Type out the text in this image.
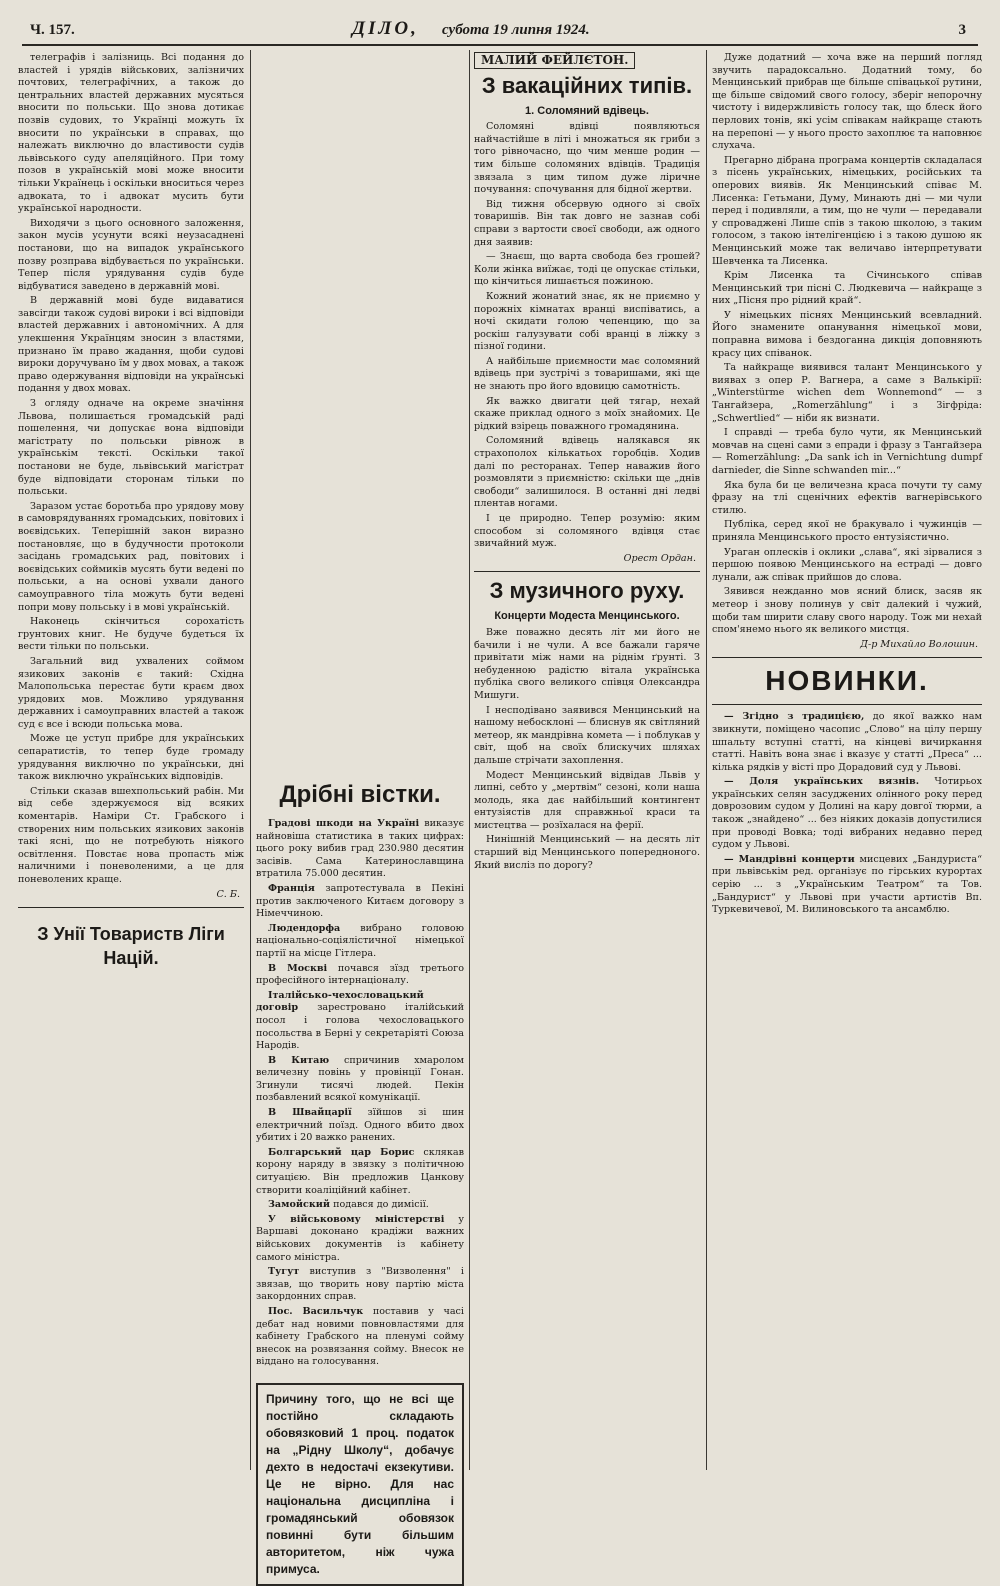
Ч. 157.	ДІЛО, субота 19 липня 1924.	3

телеграфів і залізниць. Всі подання до властей і урядів військових, залізничих почтових, телеграфічних, а також до центральних властей державних мусяться вносити по польськи. Що знова дотикає позвів судових, то Українці можуть їх вносити по українськи в справах, що належать виключно до властивости судів львівського суду апеляційного. При тому позов в українській мові може вносити тільки Українець і оскільки вноситься через адвоката, то і адвокат мусить бути української народности.

Виходячи з цього основного заложення, закон мусів усунути всякі неузасаднені постанови, що на випадок українського позву розправа відбувається по українськи. Тепер після урядування судів буде відбуватися заведено в державній мові.

В державній мові буде видаватися завсігди також судові вироки і всі відповіди властей державних і автономічних. А для улекшення Українцям зносин з властями, признано їм право жадання, щоби судові вироки доручувано їм у двох мовах, а також право одержування відповіди на українські подання у двох мовах.

З огляду одначе на окреме значіння Львова, полишається громадській раді пошелення, чи допускає вона відповіди магістрату по польськи рівнож в українськім тексті. Оскільки такої постанови не буде, львівський магістрат буде відповідати сторонам тільки по польськи.

Заразом устає боротьба про урядову мову в самоврядуваннях громадських, повітових і воєвідських. Теперішній закон виразно постановляє, що в будучности протоколи засідань громадських рад, повітових і воєвідських соймиків мусять бути ведені по польськи, а на основі ухвали даного самоуправного тіла можуть бути ведені попри мову польську і в мові українській.

Наконець скінчиться сорохатість грунтових книг. Не будуче будеться їх вести тільки по польськи.

Загальний вид ухвалених соймом язикових законів є такий: Східна Малопольська перестає бути краєм двох урядових мов. Можливо урядування державних і самоуправних властей а також суд є все і всюди польська мова.

Може це уступ прибре для українських сепаратистів, то тепер буде громаду урядування виключно по українськи, дні також виключно українських відповідів.

Стільки сказав вшехпольський рабін. Ми від себе здержуємося від всяких коментарів. Наміри Ст. Грабского і створених ним польських язикових законів такі ясні, що не потребують ніякого освітлення. Повстає нова пропасть між наличними і поневоленими, а це для поневолених краще.

С. Б.
З Унії Товариств Ліги Націй.
Дрібні вістки.

Градові шкоди на Україні виказує найновіша статистика в таких цифрах: цього року вибив град 230.980 десятин засівів. Сама Катеринославщина втратила 75.000 десятин.

Франція запротестувала в Пекіні против заключеного Китаєм договору з Німеччиною.

Людендорфа вибрано головою національно-соціялістичної німецької партії на місце Гітлера.

В Москві почався зїзд третього професійного інтернаціоналу.

Італійсько-чехословацький договір зарестровано італійський посол і голова чехословацького посольства в Берні у секретаріяті Союза Народів.

В Китаю спричинив хмаролом величезну повінь у провінції Гонан. Згинули тисячі людей. Пекін позбавлений всякої комунікації.

В Швайцарії зїйшов зі шин електричний поїзд. Одного вбито двох убитих і 20 важко ранених.

Болгарський цар Борис склякав корону наряду в звязку з політичною ситуацією. Він предложив Цанкову створити коаліційний кабінет.

Замойский подався до димісії.

У військовому міністерстві у Варшаві доконано крадіжи важних військових документів із кабінету самого міністра.

Тугут виступив з "Визволення" і звязав, що творить нову партію міста закордонних справ.

Пос. Васильчук поставив у часі дебат над новими повновластями для кабінету Грабского на пленумі сойму внесок на розвязання сойму. Внесок не віддано на голосування.

Причину того, що не всі ще постійно складають обовязковий 1 проц. податок на „Рідну Школу“, добачує дехто в недостачі екзекутиви. Це не вірно. Для нас національна дисципліна і громадянський обовязок повинні бути більшим авторитетом, ніж чужа примуса.
МАЛИЙ ФЕЙЛЄТОН.
З вакаційних типів.
1. Соломяний вдівець.

Соломяні вдівці появляються найчастійше в літі і множаться як гриби з того рівночасно, що чим менше родин — тим більше соломяних вдівців. Традиція звязала з цим типом дуже ліричне почування: спочування для бідної жертви.

Від тижня обсервую одного зі своїх товаришів. Він так довго не зазнав собі справи з вартости своєї свободи, аж одного дня заявив:

— Знаєш, що варта свобода без грошей? Коли жінка виїжає, тоді це опускає стільки, що кінчиться лишається пожиною.

Кожний жонатий знає, як не приємно у порожніх кімнатах вранці виспіватись, а ночі скидати голою чепенцию, що за роскіш галузувати собі вранці в ліжку з пізної години.

А найбільше приємности має соломяний вдівець при зустрічі з товаришами, які ще не знають про його вдовицю самотність.

Як важко двигати цей тягар, нехай скаже приклад одного з моїх знайомих. Це рідкий взірець поважного громадянина.

Соломяний вдівець налякався як страхополох кількатьох горобців. Ходив далі по ресторанах. Тепер наважив його розмовляти з приємністю: скільки ще „днів свободи“ залишилося. В останні дні ледві плентав ногами.

І це природно. Тепер розумію: яким способом зі соломяного вдівця стає звичайний муж.

Орест Ордан.
З музичного руху.
Концерти Модеста Менцинського.

Вже поважно десять літ ми його не бачили і не чули. А все бажали гаряче привітати між нами на ріднім ґрунті. З небуденною радістю вітала українська публіка свого великого співця Олександра Мишуги.

І несподівано заявився Менцинський на нашому небосклоні — блиснув як світляний метеор, як мандрівна комета — і поблукав у світ, щоб на своїх блискучих шляхах дальше стрічати захоплення.

Модест Менцинський відвідав Львів у липні, себто у „мертвім“ сезоні, коли наша молодь, яка дає найбільший контингент ентузіястів для справжньої краси та мистецтва — розїхалася на ферії.

Нинішній Менцинський — на десять літ старший від Менцинського попередноного. Який висліз по дорогу?

Дуже додатний — хоча вже на перший погляд звучить парадоксально. Додатний тому, бо Менцинський прибрав ще більше співацької рутини, ще більше свідомий свого голосу, зберіг непорочну чистоту і видержливість голосу так, що блеск його перлових тонів, які усім співакам найкраще стають на перепоні — у нього просто захоплює та наповнює слухача.

Прегарно дібрана програма концертів складалася з пісень українських, німецьких, російських та оперових виявів. Як Менцинський співає М. Лисенка: Гетьмани, Думу, Минають дні — ми чули перед і подивляли, а тим, що не чули — передавали у спроваджені Лише спів з такою школою, з таким голосом, з такою інтелігенцією і з такою душою як Менцинський може так величаво інтерпретувати Шевченка та Лисенка.

Крім Лисенка та Січинського співав Менцинський три пісні С. Людкевича — найкраще з них „Пісня про рідний край“.

У німецьких піснях Менцинський всевладний. Його знамените опанування німецької мови, поправна вимова і бездоганна дикція доповняють красу цих співанок.

Та найкраще виявився талант Менцинського у виявах з опер Р. Вагнера, а саме з Валькірії: „Winterstürme wichen dem Wonnemond“ — з Тангайзера, „Romerzählung“ і з Зігфріда: „Schwertlied“ — ніби як визнати.

І справді — треба було чути, як Менцинський мовчав на сцені сами з епради і фразу з Тангайзера — Romerzählung: „Da sank ich in Vernichtung dumpf darnieder, die Sinne schwanden mir...“

Яка була би це величезна краса почути ту саму фразу на тлі сценічних ефектів вагнерівського стилю.

Публіка, серед якої не бракувало і чужинців — приняла Менцинського просто ентузіястично.

Ураган оплесків і оклики „слава“, які зірвалися з першою появою Менцинського на естраді — довго лунали, аж співак прийшов до слова.

Зявився нежданно мов ясний блиск, засяв як метеор і знову полинув у світ далекий і чужий, щоби там ширити славу свого народу. Тож ми нехай спом'янемо нього як великого мистця.

Д-р Михайло Волошин.
НОВИНКИ.

— Згідно з традицією, до якої важко нам звикнути, поміщено часопис „Слово“ на цілу першу шпальту вступні статті, на кінцеві вичиркання статті. Навіть вона знає і вказує у статті „Преса“ ... кілька рядків у вісті про Дорадовий суд у Львові.

— Доля українських вязнів. Чотирьох українських селян засуджених олінного року перед доврозовим судом у Долині на кару довгої тюрми, а також „знайдено“ ... без ніяких доказів допустилися при проводі Вовка; тоді вибраних недавно перед судом у Львові.

— Мандрівні концерти мисцевих „Бандуриста“ при львівськім ред. організує по гірських курортах серію ... з „Українським Театром“ та Тов. „Бандурист“ у Львові при участи артистів Вп. Туркевичевої, М. Вилиновського та ансамблю.
